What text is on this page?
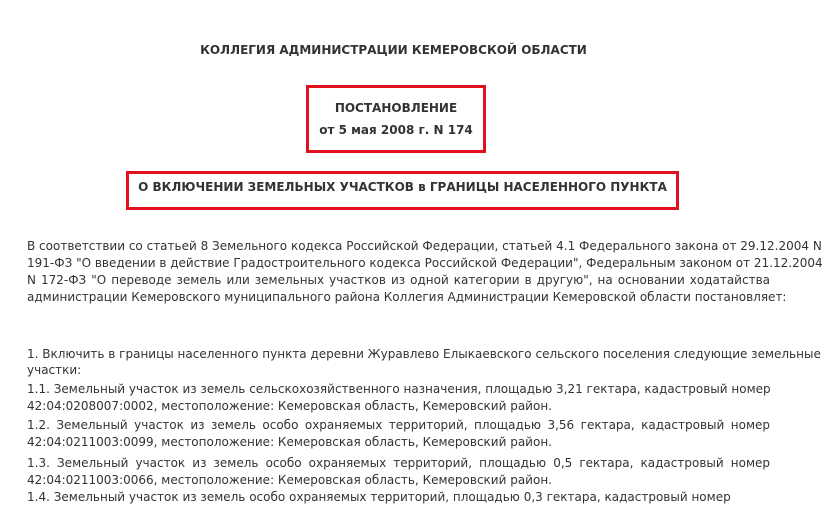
КОЛЛЕГИЯ АДМИНИСТРАЦИИ КЕМЕРОВСКОЙ ОБЛАСТИ
ПОСТАНОВЛЕНИЕ
от 5 мая 2008 г. N 174
О ВКЛЮЧЕНИИ ЗЕМЕЛЬНЫХ УЧАСТКОВ в ГРАНИЦЫ НАСЕЛЕННОГО ПУНКТА
В соответствии со статьей 8 Земельного кодекса Российской Федерации, статьей 4.1 Федерального закона от 29.12.2004 N
191-ФЗ "О введении в действие Градостроительного кодекса Российской Федерации", Федеральным законом от 21.12.2004
N 172-ФЗ "О переводе земель или земельных участков из одной категории в другую", на основании ходатайства
администрации Кемеровского муниципального района Коллегия Администрации Кемеровской области постановляет:
1. Включить в границы населенного пункта деревни Журавлево Елыкаевского сельского поселения следующие земельные
участки:
1.1. Земельный участок из земель сельскохозяйственного назначения, площадью 3,21 гектара, кадастровый номер
42:04:0208007:0002, местоположение: Кемеровская область, Кемеровский район.
1.2. Земельный участок из земель особо охраняемых территорий, площадью 3,56 гектара, кадастровый номер
42:04:0211003:0099, местоположение: Кемеровская область, Кемеровский район.
1.3. Земельный участок из земель особо охраняемых территорий, площадью 0,5 гектара, кадастровый номер
42:04:0211003:0066, местоположение: Кемеровская область, Кемеровский район.
1.4. Земельный участок из земель особо охраняемых территорий, площадью 0,3 гектара, кадастровый номер
